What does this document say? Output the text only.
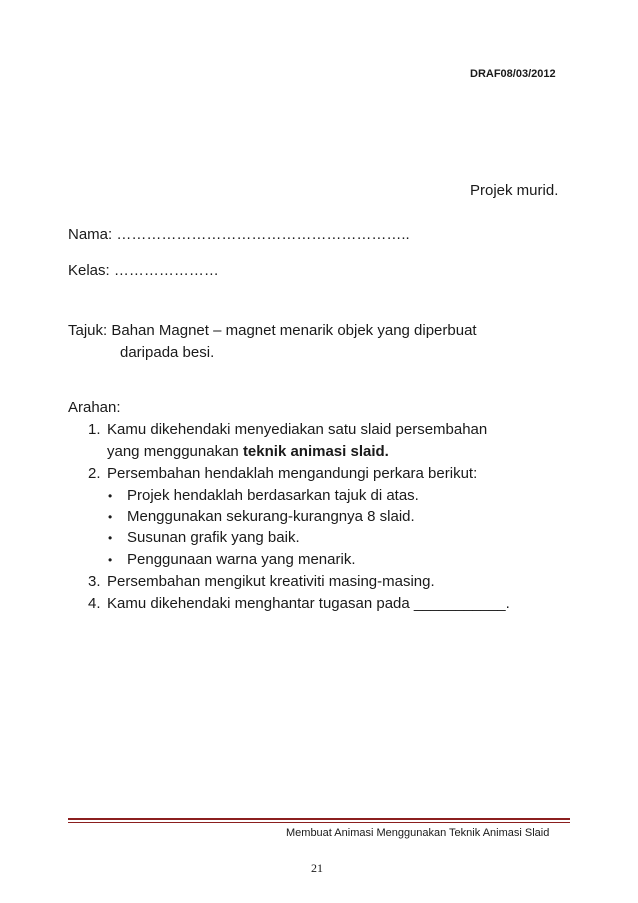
DRAF08/03/2012
Projek murid.
Nama: …………………………………………………..
Kelas: …………………
Tajuk: Bahan Magnet – magnet menarik objek yang diperbuat
daripada besi.
Arahan:
1. Kamu dikehendaki menyediakan satu slaid persembahan
yang menggunakan teknik animasi slaid.
2. Persembahan hendaklah mengandungi perkara berikut:
• Projek hendaklah berdasarkan tajuk di atas.
• Menggunakan sekurang-kurangnya 8 slaid.
• Susunan grafik yang baik.
• Penggunaan warna yang menarik.
3. Persembahan mengikut kreativiti masing-masing.
4. Kamu dikehendaki menghantar tugasan pada ___________.
Membuat Animasi Menggunakan Teknik Animasi Slaid
21
